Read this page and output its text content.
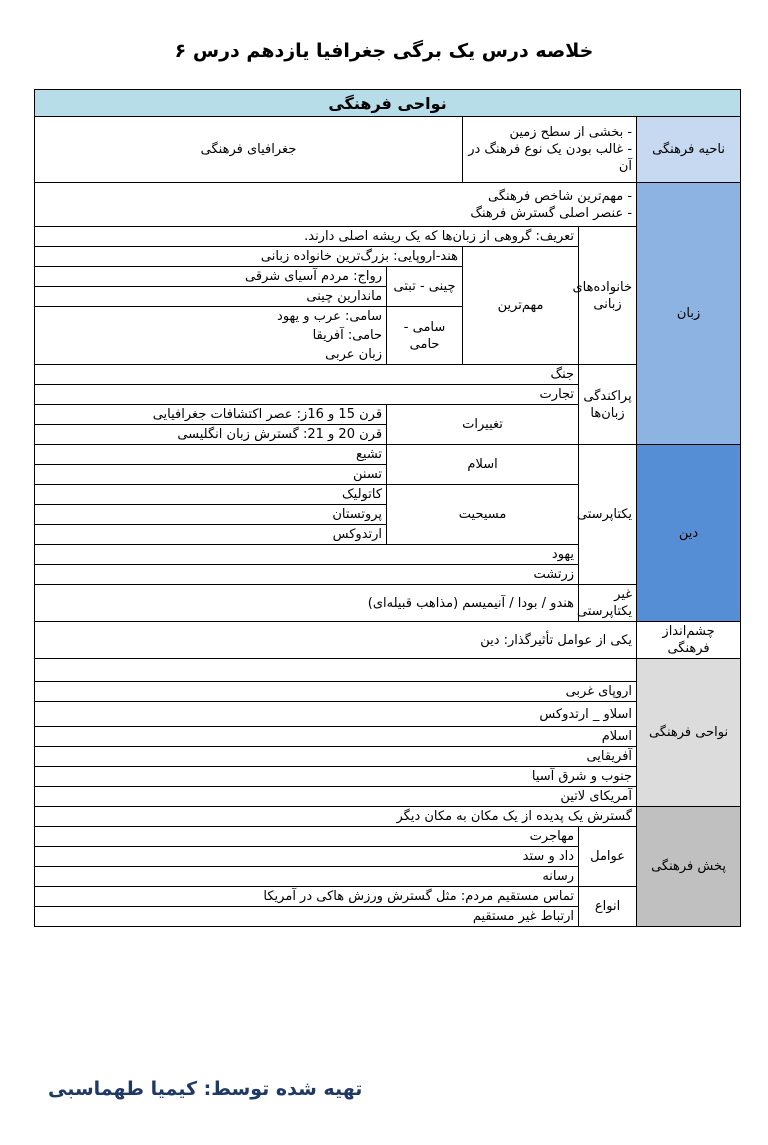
خلاصه درس یک برگی جغرافیا یازدهم درس ۶
نواحی فرهنگی				
ناحیه فرهنگی	- بخشی از سطح زمین
- غالب بودن یک نوع فرهنگ در آن		جغرافیای فرهنگی	
زبان	- مهم‌ترین شاخص فرهنگی
- عنصر اصلی گسترش فرهنگ			

	خانواده‌های زبانی	تعریف: گروهی از زبان‌ها که یک ریشه اصلی دارند.		
		مهم‌ترین	هند-اروپایی: بزرگ‌ترین خانواده زبانی	
			چینی - تبتی	رواج: مردم آسیای شرقی
				ماندارین چینی
			سامی - حامی	سامی: عرب و یهود
				حامی: آفریقا
				زبان عربی
	پراکندگی زبان‌ها	جنگ		
		تجارت		
		تغییرات		قرن 15 و 16ز: عصر اکتشافات جغرافیایی
				قرن 20 و 21: گسترش زبان انگلیسی

دین	یکتاپرستی	اسلام		تشیع
				تسنن
		مسیحیت		کاتولیک
				پروتستان
				ارتدوکس
		یهود		
		زرتشت		

	غیر یکتاپرستی	هندو / بودا / آنیمیسم (مذاهب قبیله‌ای)		
چشم‌انداز فرهنگی	یکی از عوامل تأثیرگذار: دین			
نواحی فرهنگی				
	اروپای غربی			
	اسلاو _ ارتدوکس			
	اسلام			
	آفریقایی			
	جنوب و شرق آسیا			
	آمریکای لاتین			
پخش فرهنگی	گسترش یک پدیده از یک مکان به مکان دیگر			
	عوامل	مهاجرت		
		داد و ستد		
		رسانه		
	انواع	تماس مستقیم مردم: مثل گسترش ورزش هاکی در آمریکا		
		ارتباط غیر مستقیم		
تهیه شده توسط: کیمیا طهماسبی
